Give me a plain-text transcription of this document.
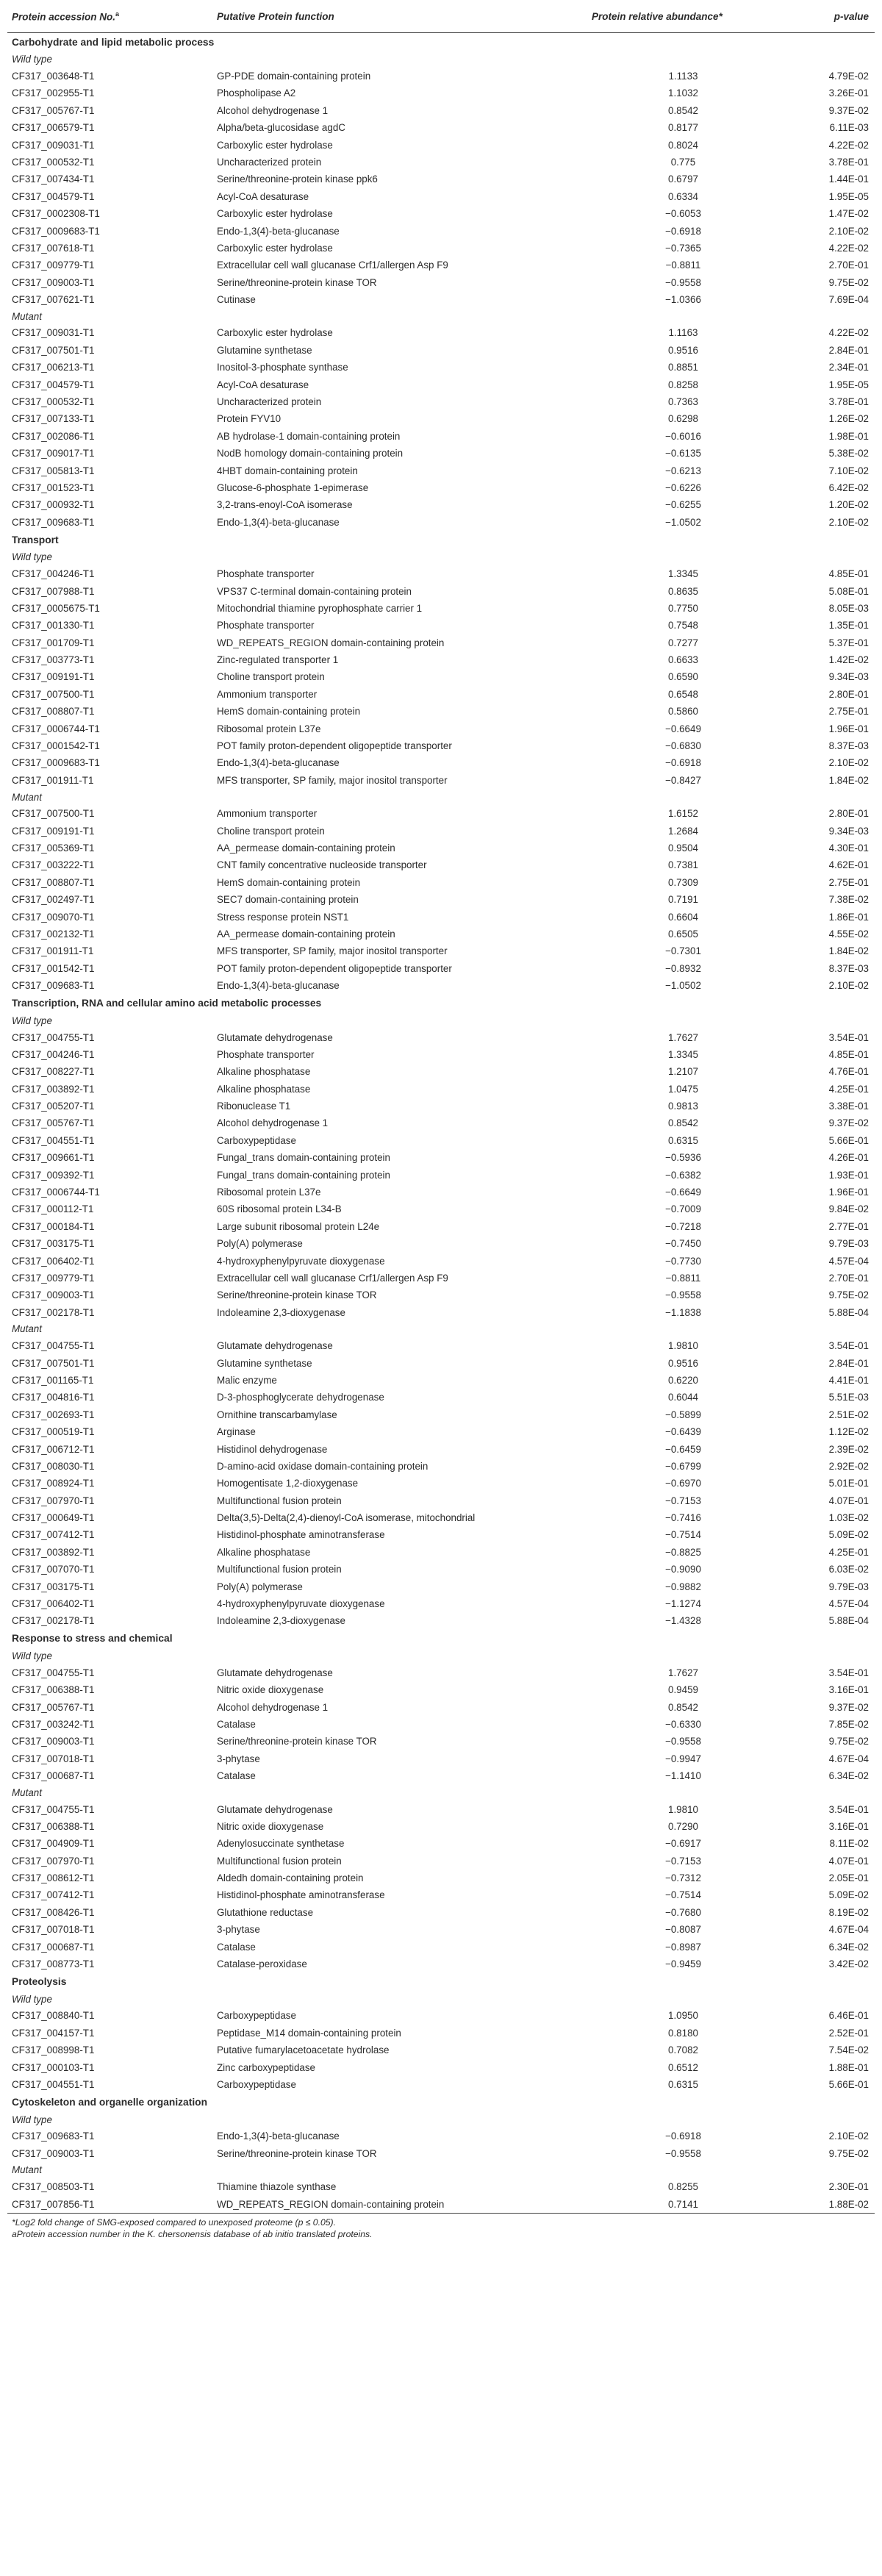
Protein accession No.$^a$	Putative Protein function	Protein relative abundance*	p-value
Carbohydrate and lipid metabolic process			
Wild type			
CF317_003648-T1	GP-PDE domain-containing protein	1.1133	4.79E-02
CF317_002955-T1	Phospholipase A2	1.1032	3.26E-01
CF317_005767-T1	Alcohol dehydrogenase 1	0.8542	9.37E-02
CF317_006579-T1	Alpha/beta-glucosidase agdC	0.8177	6.11E-03
CF317_009031-T1	Carboxylic ester hydrolase	0.8024	4.22E-02
CF317_000532-T1	Uncharacterized protein	0.775	3.78E-01
CF317_007434-T1	Serine/threonine-protein kinase ppk6	0.6797	1.44E-01
CF317_004579-T1	Acyl-CoA desaturase	0.6334	1.95E-05
CF317_0002308-T1	Carboxylic ester hydrolase	−0.6053	1.47E-02
CF317_0009683-T1	Endo-1,3(4)-beta-glucanase	−0.6918	2.10E-02
CF317_007618-T1	Carboxylic ester hydrolase	−0.7365	4.22E-02
CF317_009779-T1	Extracellular cell wall glucanase Crf1/allergen Asp F9	−0.8811	2.70E-01
CF317_009003-T1	Serine/threonine-protein kinase TOR	−0.9558	9.75E-02
CF317_007621-T1	Cutinase	−1.0366	7.69E-04
Mutant			
CF317_009031-T1	Carboxylic ester hydrolase	1.1163	4.22E-02
CF317_007501-T1	Glutamine synthetase	0.9516	2.84E-01
CF317_006213-T1	Inositol-3-phosphate synthase	0.8851	2.34E-01
CF317_004579-T1	Acyl-CoA desaturase	0.8258	1.95E-05
CF317_000532-T1	Uncharacterized protein	0.7363	3.78E-01
CF317_007133-T1	Protein FYV10	0.6298	1.26E-02
CF317_002086-T1	AB hydrolase-1 domain-containing protein	−0.6016	1.98E-01
CF317_009017-T1	NodB homology domain-containing protein	−0.6135	5.38E-02
CF317_005813-T1	4HBT domain-containing protein	−0.6213	7.10E-02
CF317_001523-T1	Glucose-6-phosphate 1-epimerase	−0.6226	6.42E-02
CF317_000932-T1	3,2-trans-enoyl-CoA isomerase	−0.6255	1.20E-02
CF317_009683-T1	Endo-1,3(4)-beta-glucanase	−1.0502	2.10E-02
Transport			
Wild type			
CF317_004246-T1	Phosphate transporter	1.3345	4.85E-01
CF317_007988-T1	VPS37 C-terminal domain-containing protein	0.8635	5.08E-01
CF317_0005675-T1	Mitochondrial thiamine pyrophosphate carrier 1	0.7750	8.05E-03
CF317_001330-T1	Phosphate transporter	0.7548	1.35E-01
CF317_001709-T1	WD_REPEATS_REGION domain-containing protein	0.7277	5.37E-01
CF317_003773-T1	Zinc-regulated transporter 1	0.6633	1.42E-02
CF317_009191-T1	Choline transport protein	0.6590	9.34E-03
CF317_007500-T1	Ammonium transporter	0.6548	2.80E-01
CF317_008807-T1	HemS domain-containing protein	0.5860	2.75E-01
CF317_0006744-T1	Ribosomal protein L37e	−0.6649	1.96E-01
CF317_0001542-T1	POT family proton-dependent oligopeptide transporter	−0.6830	8.37E-03
CF317_0009683-T1	Endo-1,3(4)-beta-glucanase	−0.6918	2.10E-02
CF317_001911-T1	MFS transporter, SP family, major inositol transporter	−0.8427	1.84E-02
Mutant			
CF317_007500-T1	Ammonium transporter	1.6152	2.80E-01
CF317_009191-T1	Choline transport protein	1.2684	9.34E-03
CF317_005369-T1	AA_permease domain-containing protein	0.9504	4.30E-01
CF317_003222-T1	CNT family concentrative nucleoside transporter	0.7381	4.62E-01
CF317_008807-T1	HemS domain-containing protein	0.7309	2.75E-01
CF317_002497-T1	SEC7 domain-containing protein	0.7191	7.38E-02
CF317_009070-T1	Stress response protein NST1	0.6604	1.86E-01
CF317_002132-T1	AA_permease domain-containing protein	0.6505	4.55E-02
CF317_001911-T1	MFS transporter, SP family, major inositol transporter	−0.7301	1.84E-02
CF317_001542-T1	POT family proton-dependent oligopeptide transporter	−0.8932	8.37E-03
CF317_009683-T1	Endo-1,3(4)-beta-glucanase	−1.0502	2.10E-02
Transcription, RNA and cellular amino acid metabolic processes			
Wild type			
CF317_004755-T1	Glutamate dehydrogenase	1.7627	3.54E-01
CF317_004246-T1	Phosphate transporter	1.3345	4.85E-01
CF317_008227-T1	Alkaline phosphatase	1.2107	4.76E-01
CF317_003892-T1	Alkaline phosphatase	1.0475	4.25E-01
CF317_005207-T1	Ribonuclease T1	0.9813	3.38E-01
CF317_005767-T1	Alcohol dehydrogenase 1	0.8542	9.37E-02
CF317_004551-T1	Carboxypeptidase	0.6315	5.66E-01
CF317_009661-T1	Fungal_trans domain-containing protein	−0.5936	4.26E-01
CF317_009392-T1	Fungal_trans domain-containing protein	−0.6382	1.93E-01
CF317_0006744-T1	Ribosomal protein L37e	−0.6649	1.96E-01
CF317_000112-T1	60S ribosomal protein L34-B	−0.7009	9.84E-02
CF317_000184-T1	Large subunit ribosomal protein L24e	−0.7218	2.77E-01
CF317_003175-T1	Poly(A) polymerase	−0.7450	9.79E-03
CF317_006402-T1	4-hydroxyphenylpyruvate dioxygenase	−0.7730	4.57E-04
CF317_009779-T1	Extracellular cell wall glucanase Crf1/allergen Asp F9	−0.8811	2.70E-01
CF317_009003-T1	Serine/threonine-protein kinase TOR	−0.9558	9.75E-02
CF317_002178-T1	Indoleamine 2,3-dioxygenase	−1.1838	5.88E-04
Mutant			
CF317_004755-T1	Glutamate dehydrogenase	1.9810	3.54E-01
CF317_007501-T1	Glutamine synthetase	0.9516	2.84E-01
CF317_001165-T1	Malic enzyme	0.6220	4.41E-01
CF317_004816-T1	D-3-phosphoglycerate dehydrogenase	0.6044	5.51E-03
CF317_002693-T1	Ornithine transcarbamylase	−0.5899	2.51E-02
CF317_000519-T1	Arginase	−0.6439	1.12E-02
CF317_006712-T1	Histidinol dehydrogenase	−0.6459	2.39E-02
CF317_008030-T1	D-amino-acid oxidase domain-containing protein	−0.6799	2.92E-02
CF317_008924-T1	Homogentisate 1,2-dioxygenase	−0.6970	5.01E-01
CF317_007970-T1	Multifunctional fusion protein	−0.7153	4.07E-01
CF317_000649-T1	Delta(3,5)-Delta(2,4)-dienoyl-CoA isomerase, mitochondrial	−0.7416	1.03E-02
CF317_007412-T1	Histidinol-phosphate aminotransferase	−0.7514	5.09E-02
CF317_003892-T1	Alkaline phosphatase	−0.8825	4.25E-01
CF317_007070-T1	Multifunctional fusion protein	−0.9090	6.03E-02
CF317_003175-T1	Poly(A) polymerase	−0.9882	9.79E-03
CF317_006402-T1	4-hydroxyphenylpyruvate dioxygenase	−1.1274	4.57E-04
CF317_002178-T1	Indoleamine 2,3-dioxygenase	−1.4328	5.88E-04
Response to stress and chemical			
Wild type			
CF317_004755-T1	Glutamate dehydrogenase	1.7627	3.54E-01
CF317_006388-T1	Nitric oxide dioxygenase	0.9459	3.16E-01
CF317_005767-T1	Alcohol dehydrogenase 1	0.8542	9.37E-02
CF317_003242-T1	Catalase	−0.6330	7.85E-02
CF317_009003-T1	Serine/threonine-protein kinase TOR	−0.9558	9.75E-02
CF317_007018-T1	3-phytase	−0.9947	4.67E-04
CF317_000687-T1	Catalase	−1.1410	6.34E-02
Mutant			
CF317_004755-T1	Glutamate dehydrogenase	1.9810	3.54E-01
CF317_006388-T1	Nitric oxide dioxygenase	0.7290	3.16E-01
CF317_004909-T1	Adenylosuccinate synthetase	−0.6917	8.11E-02
CF317_007970-T1	Multifunctional fusion protein	−0.7153	4.07E-01
CF317_008612-T1	Aldedh domain-containing protein	−0.7312	2.05E-01
CF317_007412-T1	Histidinol-phosphate aminotransferase	−0.7514	5.09E-02
CF317_008426-T1	Glutathione reductase	−0.7680	8.19E-02
CF317_007018-T1	3-phytase	−0.8087	4.67E-04
CF317_000687-T1	Catalase	−0.8987	6.34E-02
CF317_008773-T1	Catalase-peroxidase	−0.9459	3.42E-02
Proteolysis			
Wild type			
CF317_008840-T1	Carboxypeptidase	1.0950	6.46E-01
CF317_004157-T1	Peptidase_M14 domain-containing protein	0.8180	2.52E-01
CF317_008998-T1	Putative fumarylacetoacetate hydrolase	0.7082	7.54E-02
CF317_000103-T1	Zinc carboxypeptidase	0.6512	1.88E-01
CF317_004551-T1	Carboxypeptidase	0.6315	5.66E-01
Cytoskeleton and organelle organization			
Wild type			
CF317_009683-T1	Endo-1,3(4)-beta-glucanase	−0.6918	2.10E-02
CF317_009003-T1	Serine/threonine-protein kinase TOR	−0.9558	9.75E-02
Mutant			
CF317_008503-T1	Thiamine thiazole synthase	0.8255	2.30E-01
CF317_007856-T1	WD_REPEATS_REGION domain-containing protein	0.7141	1.88E-02
*Log2 fold change of SMG-exposed compared to unexposed proteome (p ≤ 0.05).
aProtein accession number in the K. cherson​ensis database of ab initio translated proteins.
